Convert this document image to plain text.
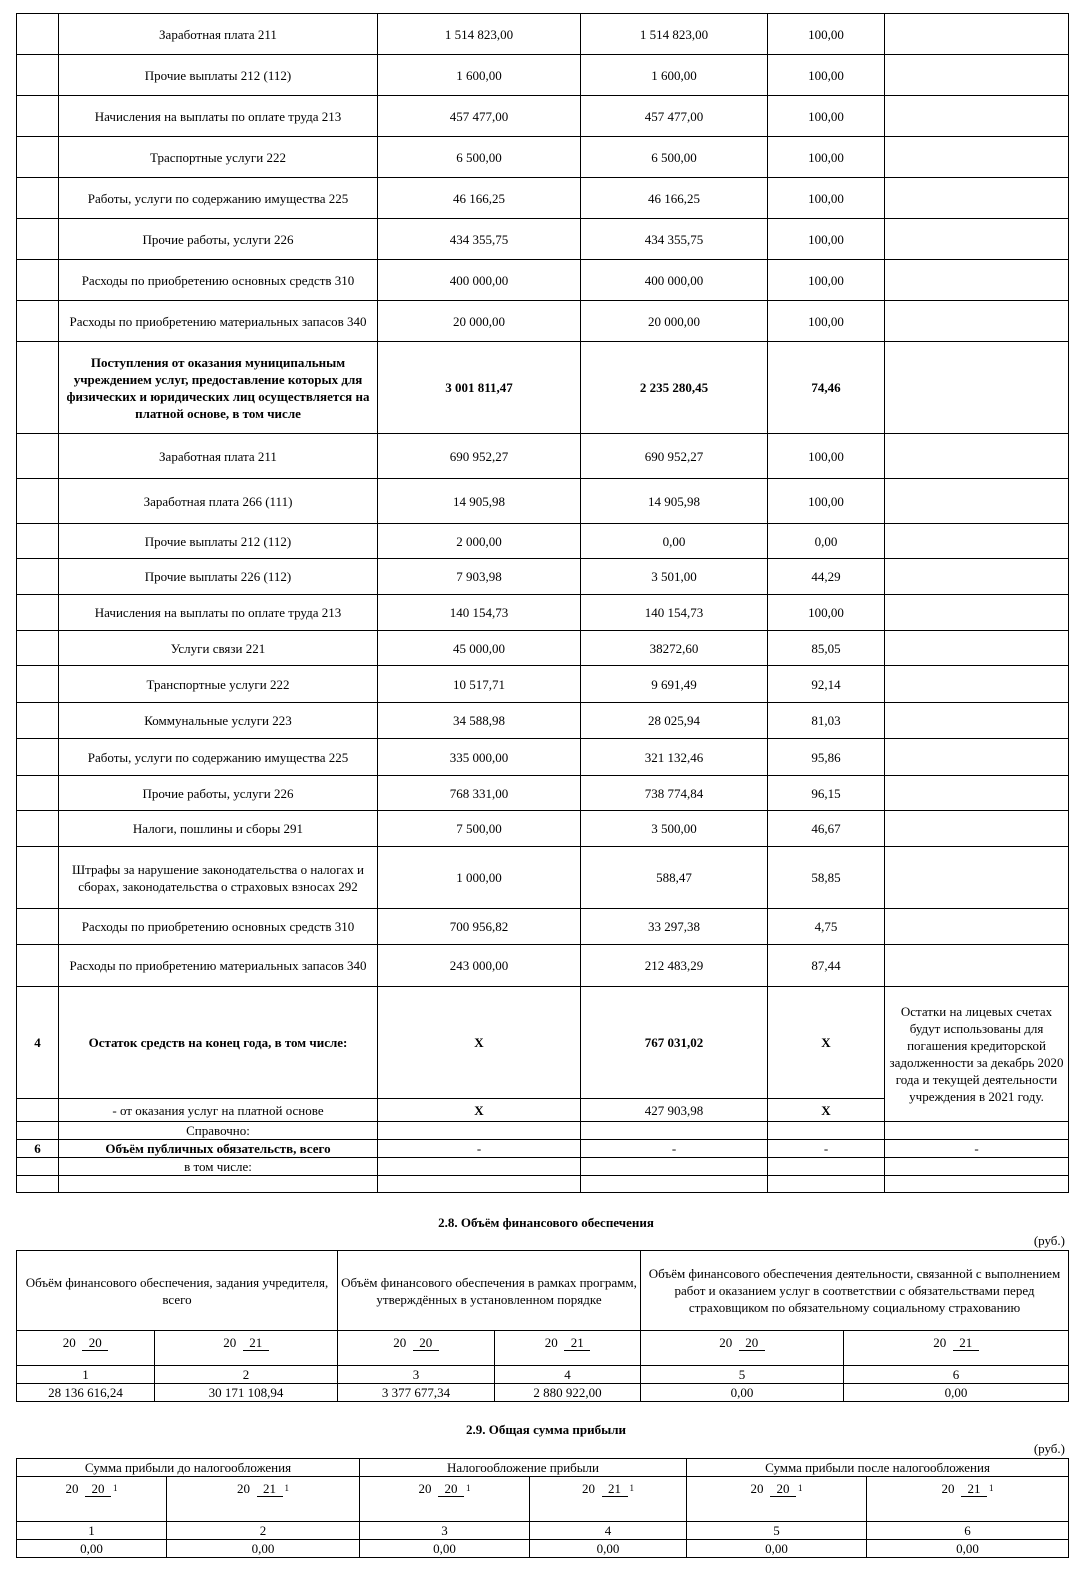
	Заработная плата 211	1 514 823,00	1 514 823,00	100,00	
	Прочие выплаты 212 (112)	1 600,00	1 600,00	100,00	
	Начисления на выплаты по оплате труда 213	457 477,00	457 477,00	100,00	
	Траспортные услуги 222	6 500,00	6 500,00	100,00	
	Работы, услуги по содержанию имущества 225	46 166,25	46 166,25	100,00	
	Прочие работы, услуги 226	434 355,75	434 355,75	100,00	
	Расходы по приобретению основных средств 310	400 000,00	400 000,00	100,00	
	Расходы по приобретению материальных запасов 340	20 000,00	20 000,00	100,00	
	Поступления от оказания муниципальным учреждением услуг, предоставление которых для физических и юридических лиц осуществляется на платной основе, в том числе	3 001 811,47	2 235 280,45	74,46	
	Заработная плата 211	690 952,27	690 952,27	100,00	
	Заработная плата 266 (111)	14 905,98	14 905,98	100,00	
	Прочие выплаты 212 (112)	2 000,00	0,00	0,00	
	Прочие выплаты 226 (112)	7 903,98	3 501,00	44,29	
	Начисления на выплаты по оплате труда 213	140 154,73	140 154,73	100,00	
	Услуги связи 221	45 000,00	38272,60	85,05	
	Транспортные услуги 222	10 517,71	9 691,49	92,14	
	Коммунальные услуги 223	34 588,98	28 025,94	81,03	
	Работы, услуги по содержанию имущества 225	335 000,00	321 132,46	95,86	
	Прочие работы, услуги 226	768 331,00	738 774,84	96,15	
	Налоги, пошлины и сборы 291	7 500,00	3 500,00	46,67	
	Штрафы за нарушение законодательства о налогах и сборах, законодательства о страховых взносах 292	1 000,00	588,47	58,85	
	Расходы по приобретению основных средств 310	700 956,82	33 297,38	4,75	
	Расходы по приобретению материальных запасов 340	243 000,00	212 483,29	87,44	
4	Остаток средств на конец года, в том числе:	Х	767 031,02	Х	Остатки на лицевых счетах будут использованы для погашения кредиторской задолженности за декабрь 2020 года и текущей деятельности учреждения в 2021 году.
	- от оказания услуг на платной основе	Х	427 903,98	Х	
	Справочно:				
6	Объём публичных обязательств, всего	-	-	-	-
	в том числе:				

2.8. Объём финансового обеспечения
(руб.)
Объём финансового обеспечения, задания учредителя, всего		Объём финансового обеспечения в рамках программ, утверждённых в установленном порядке		Объём финансового обеспечения деятельности, связанной с выполнением работ и оказанием услуг в соответствии с обязательствами перед страховщиком по обязательному социальному страхованию	
20 20	20 21	20 20	20 21	20 20	20 21
1	2	3	4	5	6
28 136 616,24	30 171 108,94	3 377 677,34	2 880 922,00	0,00	0,00
2.9. Общая сумма прибыли
(руб.)
Сумма прибыли до налогообложения		Налогообложение прибыли		Сумма прибыли после налогообложения	
20 20 $^1$	20 21 $^1$	20 20 $^1$	20 21 $^1$	20 20 $^1$	20 21 $^1$
1	2	3	4	5	6
0,00	0,00	0,00	0,00	0,00	0,00
